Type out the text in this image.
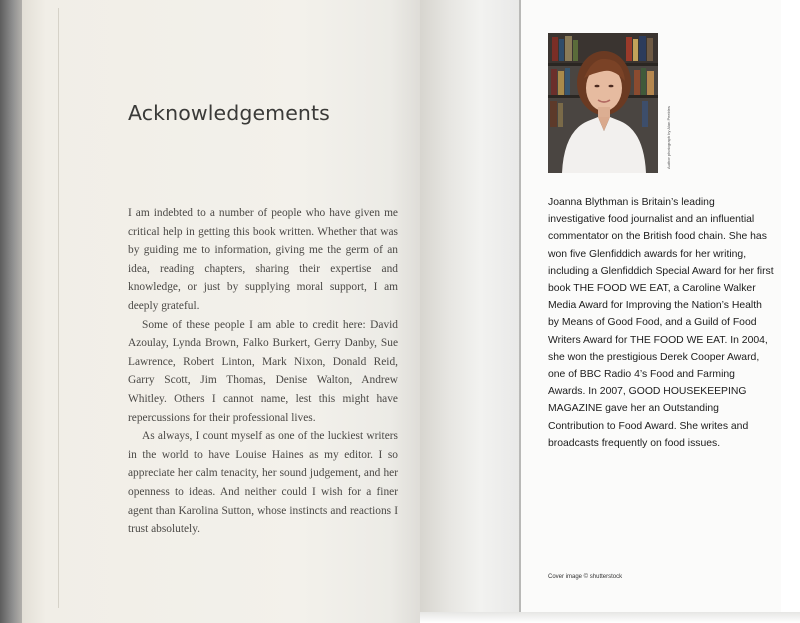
Acknowledgements

I am indebted to a number of people who have given me critical help in getting this book written. Whether that was by guiding me to information, giving me the germ of an idea, reading chapters, sharing their expertise and knowledge, or just by supplying moral support, I am deeply grateful.

Some of these people I am able to credit here: David Azoulay, Lynda Brown, Falko Burkert, Gerry Danby, Sue Lawrence, Robert Linton, Mark Nixon, Donald Reid, Garry Scott, Jim Thomas, Denise Walton, Andrew Whitley. Others I cannot name, lest this might have repercussions for their professional lives.

As always, I count myself as one of the luckiest writers in the world to have Louise Haines as my editor. I so appreciate her calm tenacity, her sound judgement, and her openness to ideas. And neither could I wish for a finer agent than Karolina Sutton, whose instincts and reactions I trust absolutely.

Author photograph by Alan Peebles

Joanna Blythman is Britain’s leading investigative food journalist and an influential commentator on the British food chain. She has won five Glenfiddich awards for her writing, including a Glenfiddich Special Award for her first book THE FOOD WE EAT, a Caroline Walker Media Award for Improving the Nation’s Health by Means of Good Food, and a Guild of Food Writers Award for THE FOOD WE EAT. In 2004, she won the prestigious Derek Cooper Award, one of BBC Radio 4’s Food and Farming Awards. In 2007, GOOD HOUSEKEEPING MAGAZINE gave her an Outstanding Contribution to Food Award. She writes and broadcasts frequently on food issues.

Cover image © shutterstock
